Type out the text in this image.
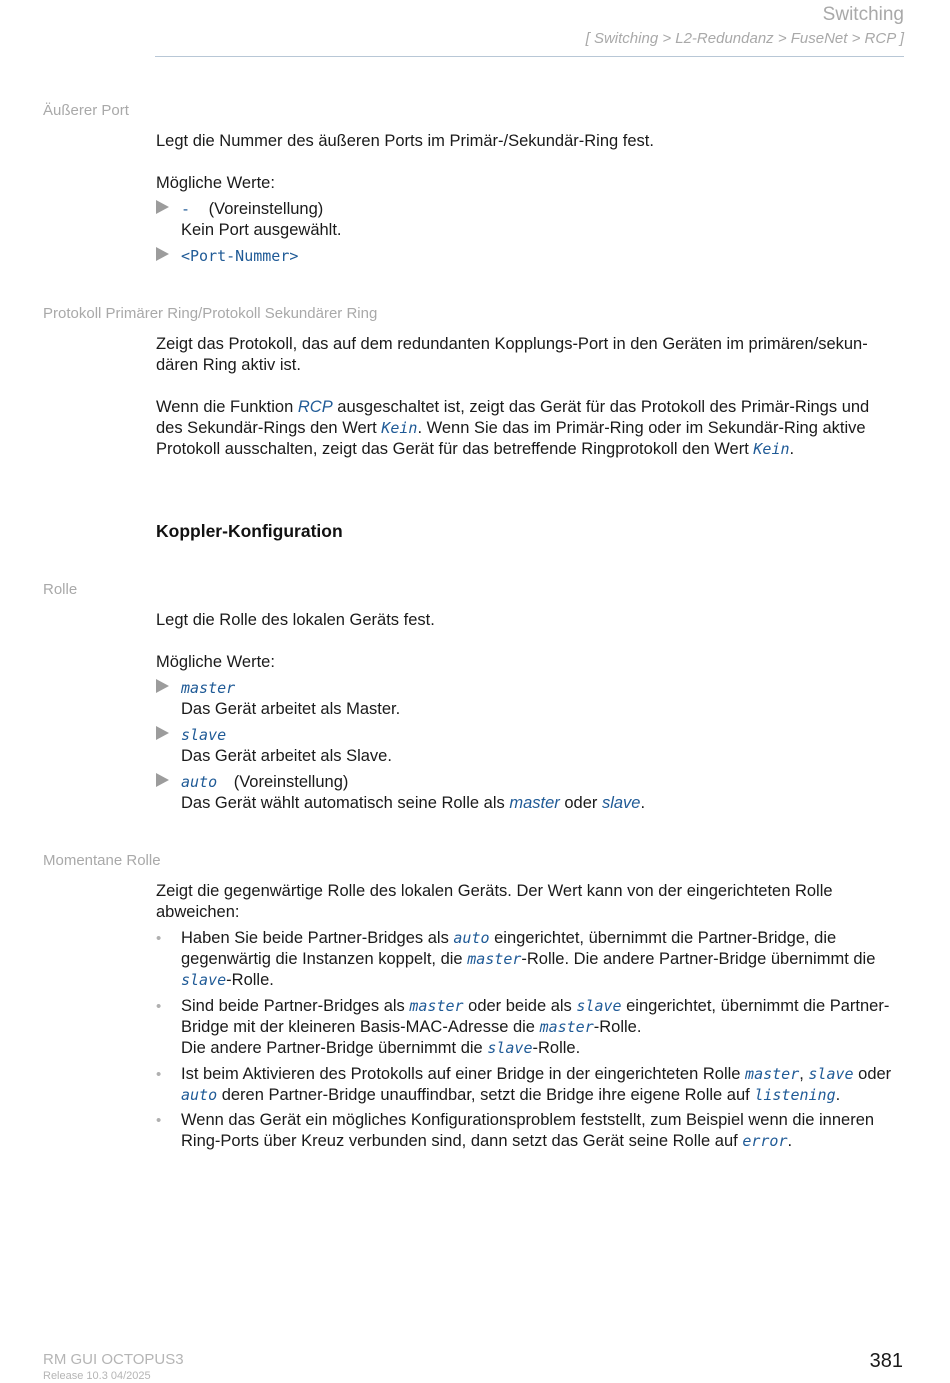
Switching
[ Switching > L2-Redundanz > FuseNet > RCP ]
Äußerer Port
Legt die Nummer des äußeren Ports im Primär-/Sekundär-Ring fest.
Mögliche Werte:
- (Voreinstellung)
Kein Port ausgewählt.
<Port-Nummer>
Protokoll Primärer Ring/Protokoll Sekundärer Ring
Zeigt das Protokoll, das auf dem redundanten Kopplungs-Port in den Geräten im primären/sekun-
dären Ring aktiv ist.
Wenn die Funktion RCP ausgeschaltet ist, zeigt das Gerät für das Protokoll des Primär-Rings und
des Sekundär-Rings den Wert Kein. Wenn Sie das im Primär-Ring oder im Sekundär-Ring aktive
Protokoll ausschalten, zeigt das Gerät für das betreffende Ringprotokoll den Wert Kein.
Koppler-Konfiguration
Rolle
Legt die Rolle des lokalen Geräts fest.
Mögliche Werte:
master
Das Gerät arbeitet als Master.
slave
Das Gerät arbeitet als Slave.
auto (Voreinstellung)
Das Gerät wählt automatisch seine Rolle als master oder slave.
Momentane Rolle
Zeigt die gegenwärtige Rolle des lokalen Geräts. Der Wert kann von der eingerichteten Rolle
abweichen:
• Haben Sie beide Partner-Bridges als auto eingerichtet, übernimmt die Partner-Bridge, die
gegenwärtig die Instanzen koppelt, die master-Rolle. Die andere Partner-Bridge übernimmt die
slave-Rolle.
• Sind beide Partner-Bridges als master oder beide als slave eingerichtet, übernimmt die Partner-
Bridge mit der kleineren Basis-MAC-Adresse die master-Rolle.
Die andere Partner-Bridge übernimmt die slave-Rolle.
• Ist beim Aktivieren des Protokolls auf einer Bridge in der eingerichteten Rolle master, slave oder
auto deren Partner-Bridge unauffindbar, setzt die Bridge ihre eigene Rolle auf listening.
• Wenn das Gerät ein mögliches Konfigurationsproblem feststellt, zum Beispiel wenn die inneren
Ring-Ports über Kreuz verbunden sind, dann setzt das Gerät seine Rolle auf error.
RM GUI OCTOPUS3
Release 10.3 04/2025
381
